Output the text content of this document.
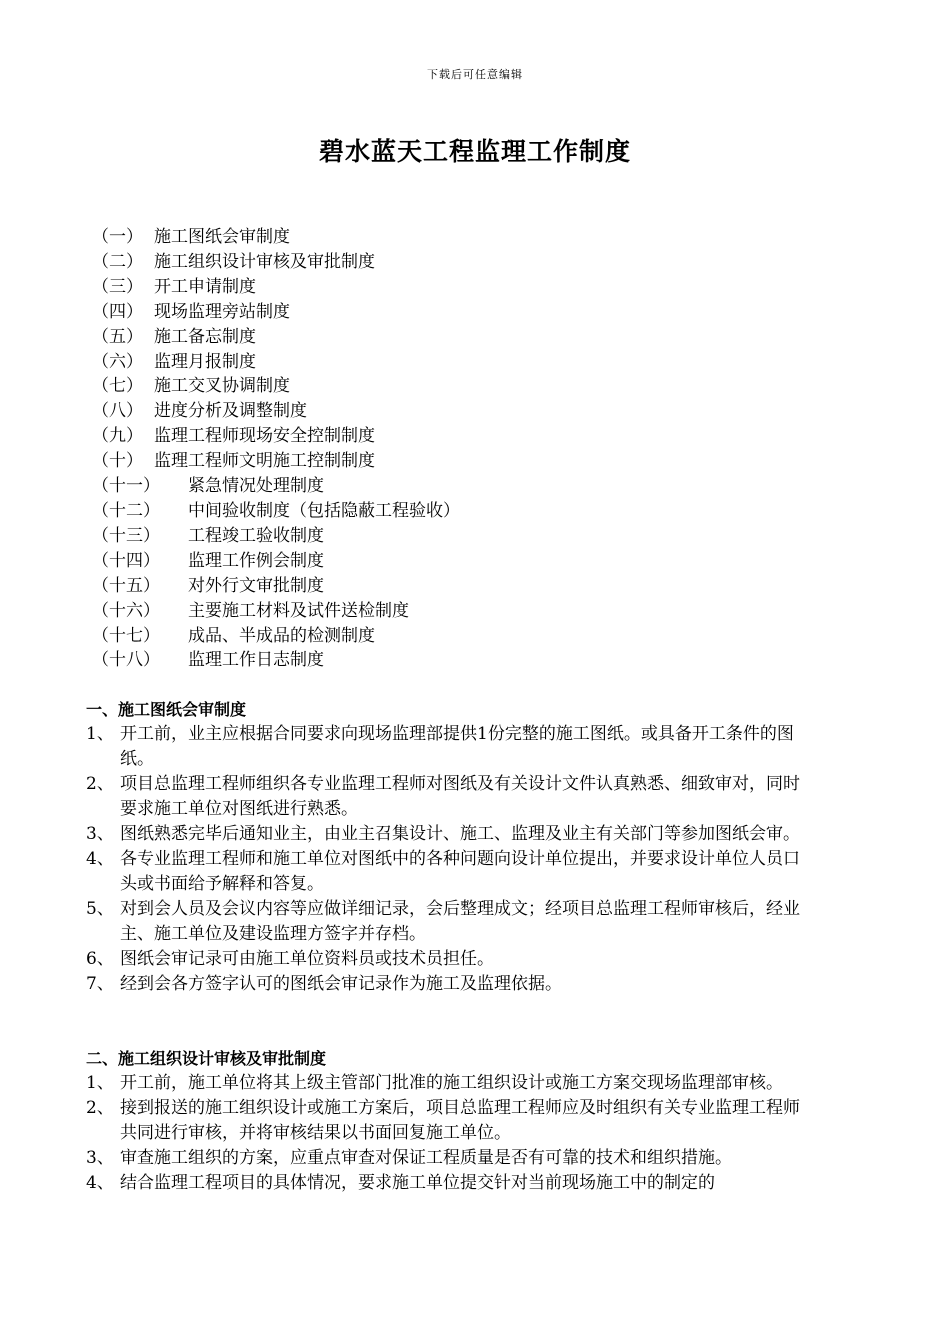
下载后可任意编辑
碧水蓝天工程监理工作制度
（一） 施工图纸会审制度
（二） 施工组织设计审核及审批制度
（三） 开工申请制度
（四） 现场监理旁站制度
（五） 施工备忘制度
（六） 监理月报制度
（七） 施工交叉协调制度
（八） 进度分析及调整制度
（九） 监理工程师现场安全控制制度
（十） 监理工程师文明施工控制制度
（十一）	紧急情况处理制度
（十二）	中间验收制度（包括隐蔽工程验收）
（十三）	工程竣工验收制度
（十四）	监理工作例会制度
（十五）	对外行文审批制度
（十六）	主要施工材料及试件送检制度
（十七）	成品、半成品的检测制度
（十八）	监理工作日志制度
一、施工图纸会审制度
1、 开工前，业主应根据合同要求向现场监理部提供1份完整的施工图纸。或具备开工条件的图纸。
2、 项目总监理工程师组织各专业监理工程师对图纸及有关设计文件认真熟悉、细致审对，同时要求施工单位对图纸进行熟悉。
3、 图纸熟悉完毕后通知业主，由业主召集设计、施工、监理及业主有关部门等参加图纸会审。
4、 各专业监理工程师和施工单位对图纸中的各种问题向设计单位提出，并要求设计单位人员口头或书面给予解释和答复。
5、 对到会人员及会议内容等应做详细记录，会后整理成文；经项目总监理工程师审核后，经业主、施工单位及建设监理方签字并存档。
6、 图纸会审记录可由施工单位资料员或技术员担任。
7、 经到会各方签字认可的图纸会审记录作为施工及监理依据。
二、施工组织设计审核及审批制度
1、 开工前，施工单位将其上级主管部门批准的施工组织设计或施工方案交现场监理部审核。
2、 接到报送的施工组织设计或施工方案后，项目总监理工程师应及时组织有关专业监理工程师共同进行审核，并将审核结果以书面回复施工单位。
3、 审查施工组织的方案，应重点审查对保证工程质量是否有可靠的技术和组织措施。
4、 结合监理工程项目的具体情况，要求施工单位提交针对当前现场施工中的制定的
